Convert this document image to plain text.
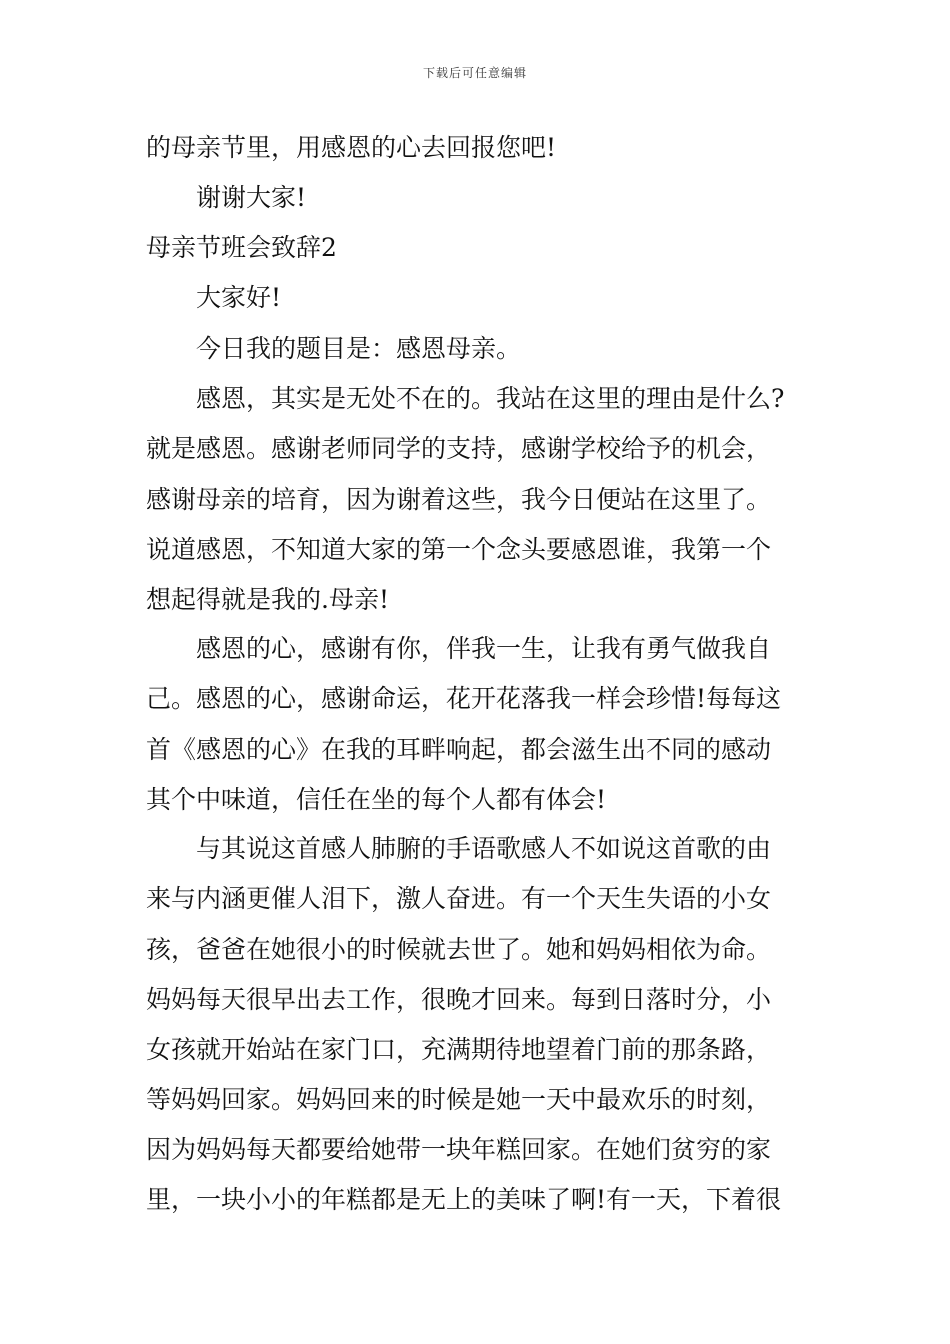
下载后可任意编辑
的母亲节里，用感恩的心去回报您吧!
谢谢大家!
母亲节班会致辞2
大家好!
今日我的题目是：感恩母亲。
感恩，其实是无处不在的。我站在这里的理由是什么?
就是感恩。感谢老师同学的支持，感谢学校给予的机会，
感谢母亲的培育，因为谢着这些，我今日便站在这里了。
说道感恩，不知道大家的第一个念头要感恩谁，我第一个
想起得就是我的.母亲!
感恩的心，感谢有你，伴我一生，让我有勇气做我自
己。感恩的心，感谢命运，花开花落我一样会珍惜!每每这
首《感恩的心》在我的耳畔响起，都会滋生出不同的感动
其个中味道，信任在坐的每个人都有体会!
与其说这首感人肺腑的手语歌感人不如说这首歌的由
来与内涵更催人泪下，激人奋进。有一个天生失语的小女
孩，爸爸在她很小的时候就去世了。她和妈妈相依为命。
妈妈每天很早出去工作，很晚才回来。每到日落时分，小
女孩就开始站在家门口，充满期待地望着门前的那条路，
等妈妈回家。妈妈回来的时候是她一天中最欢乐的时刻，
因为妈妈每天都要给她带一块年糕回家。在她们贫穷的家
里，一块小小的年糕都是无上的美味了啊!有一天，下着很
